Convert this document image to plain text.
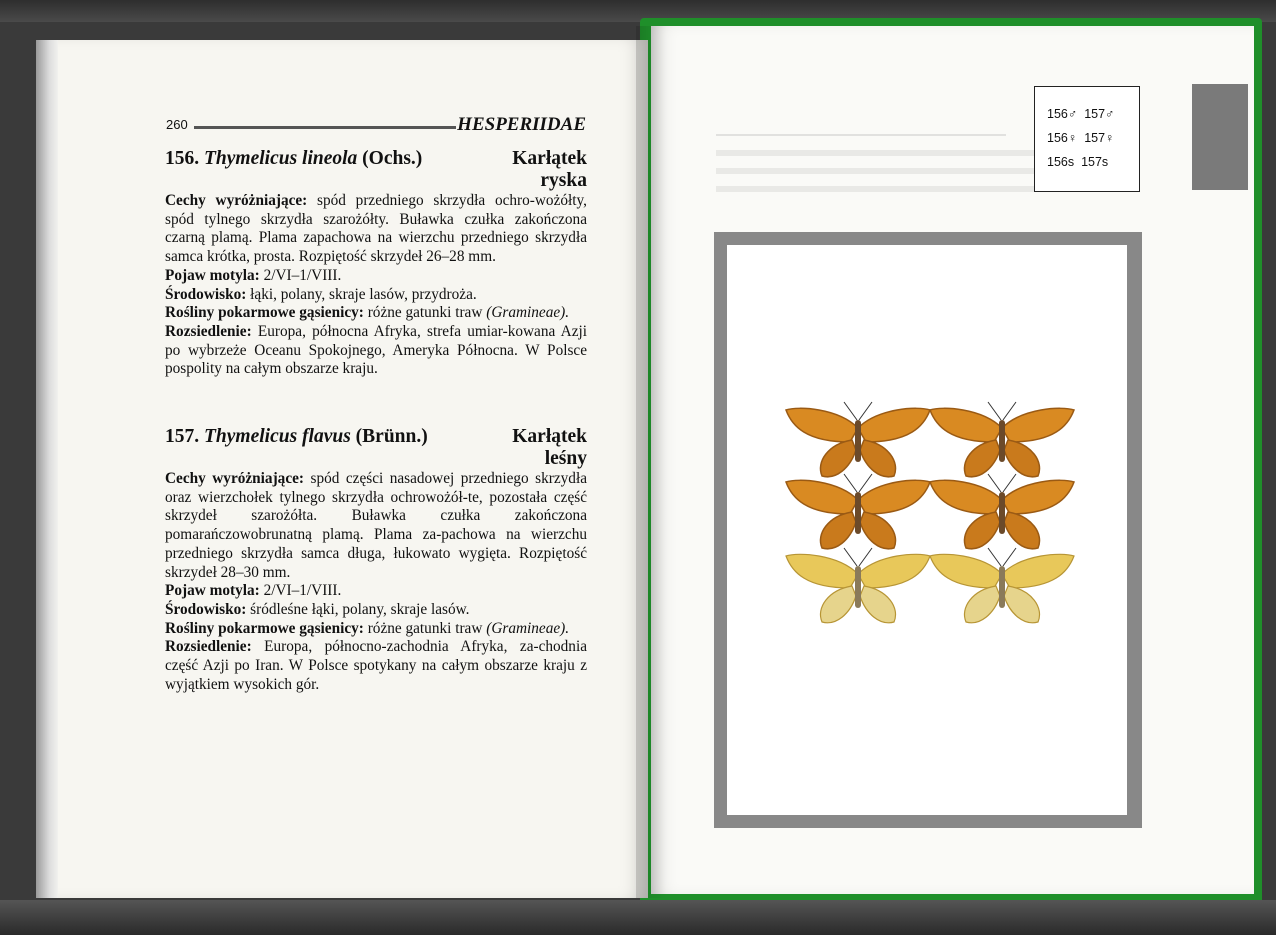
260	HESPERIIDAE
156. Thymelicus lineola (Ochs.)	Karłątek
ryska

Cechy wyróżniające: spód przedniego skrzydła ochro-wożółty, spód tylnego skrzydła szarożółty. Buławka czułka zakończona czarną plamą. Plama zapachowa na wierzchu przedniego skrzydła samca krótka, prosta. Rozpiętość skrzydeł 26–28 mm.

Pojaw motyla: 2/VI–1/VIII.

Środowisko: łąki, polany, skraje lasów, przydroża.

Rośliny pokarmowe gąsienicy: różne gatunki traw (Gramineae).

Rozsiedlenie: Europa, północna Afryka, strefa umiar-kowana Azji po wybrzeże Oceanu Spokojnego, Ameryka Północna. W Polsce pospolity na całym obszarze kraju.

157. Thymelicus flavus (Brünn.)	Karłątek
leśny

Cechy wyróżniające: spód części nasadowej przedniego skrzydła oraz wierzchołek tylnego skrzydła ochrowożół-te, pozostała część skrzydeł szarożółta. Buławka czułka zakończona pomarańczowobrunatną plamą. Plama za-pachowa na wierzchu przedniego skrzydła samca długa, łukowato wygięta. Rozpiętość skrzydeł 28–30 mm.

Pojaw motyla: 2/VI–1/VIII.

Środowisko: śródleśne łąki, polany, skraje lasów.

Rośliny pokarmowe gąsienicy: różne gatunki traw (Gramineae).

Rozsiedlenie: Europa, północno-zachodnia Afryka, za-chodnia część Azji po Iran. W Polsce spotykany na całym obszarze kraju z wyjątkiem wysokich gór.

156♂ 157♂
156♀ 157♀
156s 157s
